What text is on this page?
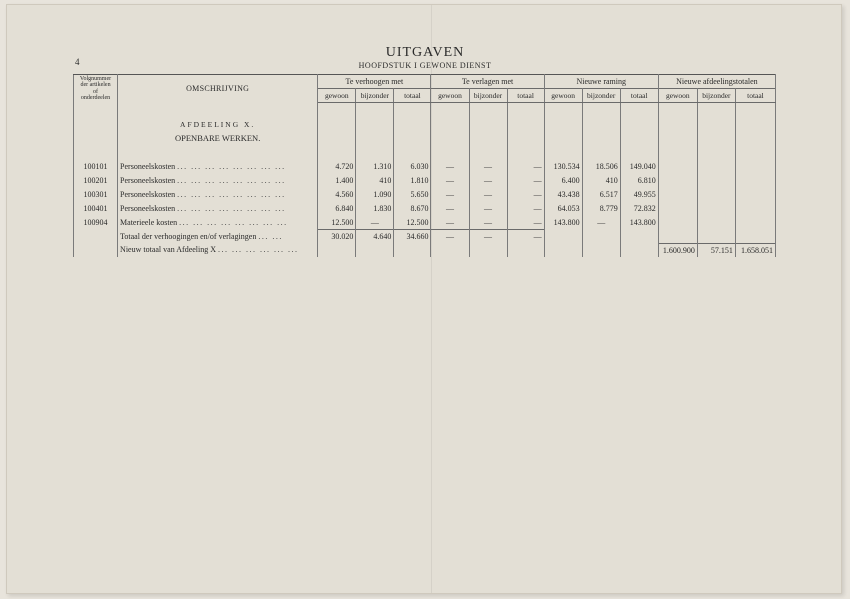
4
UITGAVEN
HOOFDSTUK I GEWONE DIENST
Volgnummer
der artikelen
of
onderdeelen	OMSCHRIJVING	Te verhoogen met			Te verlagen met			Nieuwe raming			Nieuwe afdeelingstotalen		
		gewoon	bijzonder	totaal	gewoon	bijzonder	totaal	gewoon	bijzonder	totaal	gewoon	bijzonder	totaal

	AFDEELING X.												
	OPENBARE WERKEN.												

100101	Personeelskosten ... ... ... ... ... ... ... ...	4.720	1.310	6.030	—	—	—	130.534	18.506	149.040			
100201	Personeelskosten ... ... ... ... ... ... ... ...	1.400	410	1.810	—	—	—	6.400	410	6.810			
100301	Personeelskosten ... ... ... ... ... ... ... ...	4.560	1.090	5.650	—	—	—	43.438	6.517	49.955			
100401	Personeelskosten ... ... ... ... ... ... ... ...	6.840	1.830	8.670	—	—	—	64.053	8.779	72.832			
100904	Materieele kosten ... ... ... ... ... ... ... ...	12.500	—	12.500	—	—	—	143.800	—	143.800			
	Totaal der verhoogingen en/of verlagingen ... ...	30.020	4.640	34.660	—	—	—						
	Nieuw totaal van Afdeeling X ... ... ... ... ... ...										1.600.900	57.151	1.658.051
